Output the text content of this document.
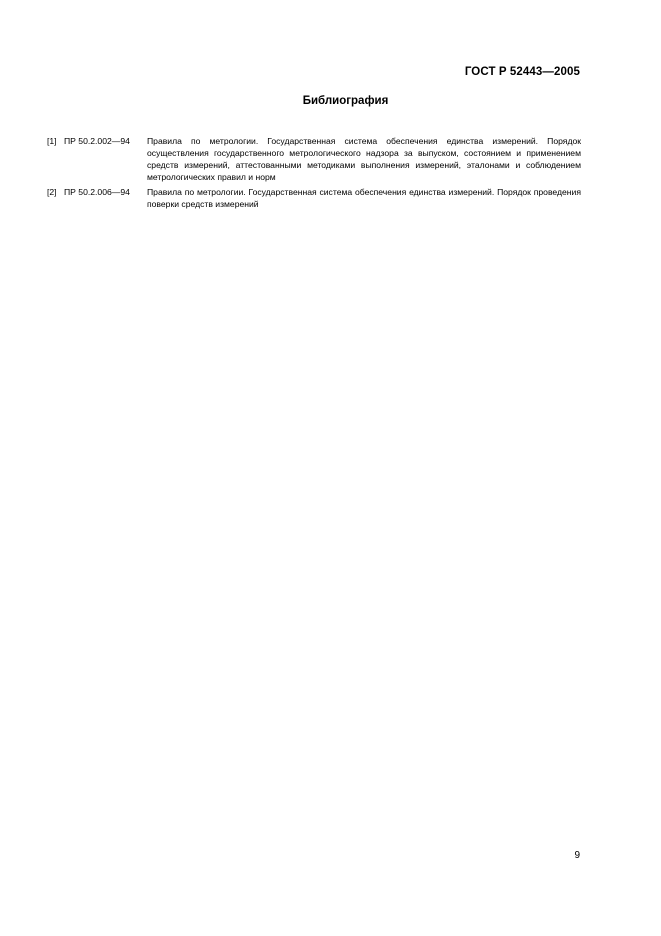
ГОСТ Р 52443—2005
Библиография
[1] ПР 50.2.002—94	Правила по метрологии. Государственная система обеспечения единства измерений. Порядок осуществления государственного метрологического надзора за выпуском, состоянием и применением средств измерений, аттестованными методиками выполнения измерений, эталонами и соблюдением метрологических правил и норм
[2] ПР 50.2.006—94	Правила по метрологии. Государственная система обеспечения единства измерений. Порядок проведения поверки средств измерений
9
